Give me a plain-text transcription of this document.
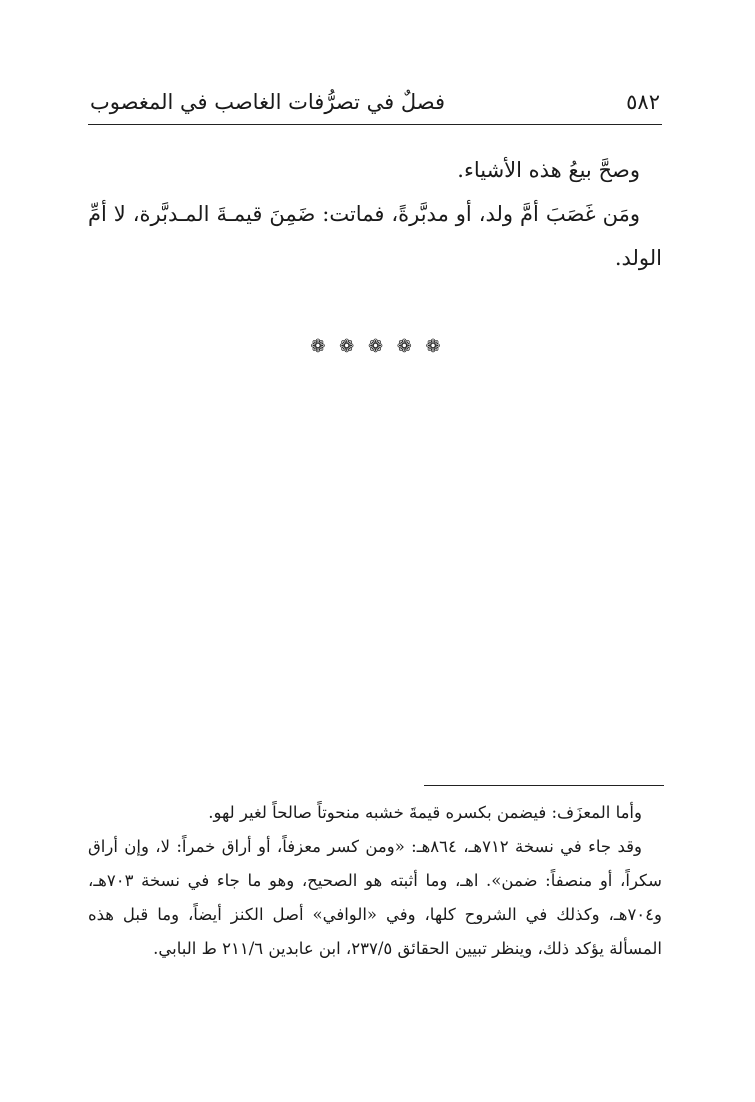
فصلٌ في تصرُّفات الغاصب في المغصوب	٥٨٢

وصحَّ بيعُ هذه الأشياء.

ومَن غَصَبَ أمَّ ولد، أو مدبَّرةً، فماتت: ضَمِنَ قيمـةَ المـدبَّرة، لا أمِّ الولد.

❁ ❁ ❁ ❁ ❁

وأما المعزَف: فيضمن بكسره قيمةَ خشبه منحوتاً صالحاً لغير لهو.

وقد جاء في نسخة ٧١٢هـ، ٨٦٤هـ: «ومن كسر معزفاً، أو أراق خمراً: لا، وإن أراق سكراً، أو منصفاً: ضمن». اهـ، وما أثبته هو الصحيح، وهو ما جاء في نسخة ٧٠٣هـ، و٧٠٤هـ، وكذلك في الشروح كلها، وفي «الوافي» أصل الكنز أيضاً، وما قبل هذه المسألة يؤكد ذلك، وينظر تبيين الحقائق ٢٣٧/٥، ابن عابدين ٢١١/٦ ط البابي.
